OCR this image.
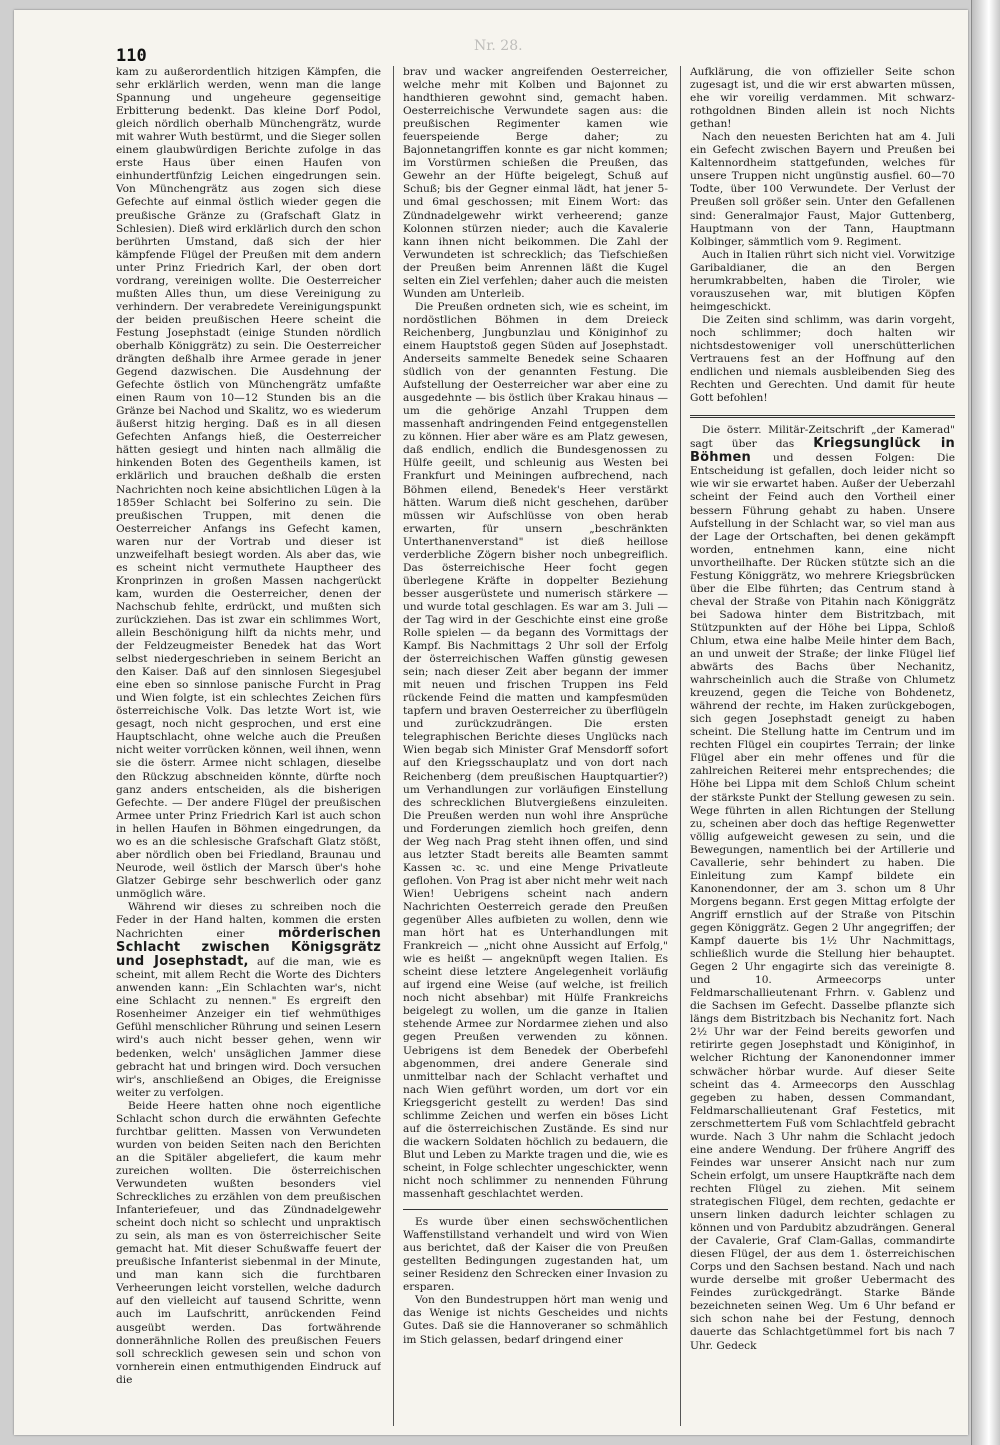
110	Nr. 28.

kam zu außerordentlich hitzigen Kämpfen, die sehr erklärlich werden, wenn man die lange Spannung und ungeheure gegenseitige Erbitterung bedenkt. Das kleine Dorf Podol, gleich nördlich oberhalb Münchengrätz, wurde mit wahrer Wuth bestürmt, und die Sieger sollen einem glaubwürdigen Berichte zufolge in das erste Haus über einen Haufen von einhundertfünfzig Leichen eingedrungen sein. Von Münchengrätz aus zogen sich diese Gefechte auf einmal östlich wieder gegen die preußische Gränze zu (Grafschaft Glatz in Schlesien). Dieß wird erklärlich durch den schon berührten Umstand, daß sich der hier kämpfende Flügel der Preußen mit dem andern unter Prinz Friedrich Karl, der oben dort vordrang, vereinigen wollte. Die Oesterreicher mußten Alles thun, um diese Vereinigung zu verhindern. Der verabredete Vereinigungspunkt der beiden preußischen Heere scheint die Festung Josephstadt (einige Stunden nördlich oberhalb Königgrätz) zu sein. Die Oesterreicher drängten deßhalb ihre Armee gerade in jener Gegend dazwischen. Die Ausdehnung der Gefechte östlich von Münchengrätz umfaßte einen Raum von 10—12 Stunden bis an die Gränze bei Nachod und Skalitz, wo es wiederum äußerst hitzig herging. Daß es in all diesen Gefechten Anfangs hieß, die Oesterreicher hätten gesiegt und hinten nach allmälig die hinkenden Boten des Gegentheils kamen, ist erklärlich und brauchen deßhalb die ersten Nachrichten noch keine absichtlichen Lügen à la 1859er Schlacht bei Solferino zu sein. Die preußischen Truppen, mit denen die Oesterreicher Anfangs ins Gefecht kamen, waren nur der Vortrab und dieser ist unzweifelhaft besiegt worden. Als aber das, wie es scheint nicht vermuthete Hauptheer des Kronprinzen in großen Massen nachgerückt kam, wurden die Oesterreicher, denen der Nachschub fehlte, erdrückt, und mußten sich zurückziehen. Das ist zwar ein schlimmes Wort, allein Beschönigung hilft da nichts mehr, und der Feldzeugmeister Benedek hat das Wort selbst niedergeschrieben in seinem Bericht an den Kaiser. Daß auf den sinnlosen Siegesjubel eine eben so sinnlose panische Furcht in Prag und Wien folgte, ist ein schlechtes Zeichen fürs österreichische Volk. Das letzte Wort ist, wie gesagt, noch nicht gesprochen, und erst eine Hauptschlacht, ohne welche auch die Preußen nicht weiter vorrücken können, weil ihnen, wenn sie die österr. Armee nicht schlagen, dieselbe den Rückzug abschneiden könnte, dürfte noch ganz anders entscheiden, als die bisherigen Gefechte. — Der andere Flügel der preußischen Armee unter Prinz Friedrich Karl ist auch schon in hellen Haufen in Böhmen eingedrungen, da wo es an die schlesische Grafschaft Glatz stößt, aber nördlich oben bei Friedland, Braunau und Neurode, weil östlich der Marsch über's hohe Glatzer Gebirge sehr beschwerlich oder ganz unmöglich wäre.

Während wir dieses zu schreiben noch die Feder in der Hand halten, kommen die ersten Nachrichten einer	mörderischen Schlacht zwischen Königsgrätz und Josephstadt, auf die man, wie es scheint, mit allem Recht die Worte des Dichters anwenden kann: „Ein Schlachten war's, nicht eine Schlacht zu nennen." Es ergreift den Rosenheimer Anzeiger ein tief wehmüthiges Gefühl menschlicher Rührung und seinen Lesern wird's auch nicht besser gehen, wenn wir bedenken, welch' unsäglichen Jammer diese gebracht hat und bringen wird. Doch versuchen wir's, anschließend an Obiges, die Ereignisse weiter zu verfolgen.

Beide Heere hatten ohne noch eigentliche Schlacht schon durch die erwähnten Gefechte furchtbar gelitten. Massen von Verwundeten wurden von beiden Seiten nach den Berichten an die Spitäler abgeliefert, die kaum mehr zureichen wollten. Die österreichischen Verwundeten wußten besonders viel Schreckliches zu erzählen von dem preußischen Infanteriefeuer, und das Zündnadelgewehr scheint doch nicht so schlecht und unpraktisch zu sein, als man es von österreichischer Seite gemacht hat. Mit dieser Schußwaffe feuert der preußische Infanterist siebenmal in der Minute, und man kann sich die furchtbaren Verheerungen leicht vorstellen, welche dadurch auf den vielleicht auf tausend Schritte, wenn auch im Laufschritt, anrückenden Feind ausgeübt werden. Das fortwährende donnerähnliche Rollen des preußischen Feuers soll schrecklich gewesen sein und schon von vornherein einen entmuthigenden Eindruck auf die

brav und wacker angreifenden Oesterreicher, welche mehr mit Kolben und Bajonnet zu handthieren gewohnt sind, gemacht haben. Oesterreichische Verwundete sagen aus: die preußischen Regimenter kamen wie feuerspeiende Berge daher; zu Bajonnetangriffen konnte es gar nicht kommen; im Vorstürmen schießen die Preußen, das Gewehr an der Hüfte beigelegt, Schuß auf Schuß; bis der Gegner einmal lädt, hat jener 5- und 6mal geschossen; mit Einem Wort: das Zündnadelgewehr wirkt verheerend; ganze Kolonnen stürzen nieder; auch die Kavalerie kann ihnen nicht beikommen. Die Zahl der Verwundeten ist schrecklich; das Tiefschießen der Preußen beim Anrennen läßt die Kugel selten ein Ziel verfehlen; daher auch die meisten Wunden am Unterleib.

Die Preußen ordneten sich, wie es scheint, im nordöstlichen Böhmen in dem Dreieck Reichenberg, Jungbunzlau und Königinhof zu einem Hauptstoß gegen Süden auf Josephstadt. Anderseits sammelte Benedek seine Schaaren südlich von der genannten Festung. Die Aufstellung der Oesterreicher war aber eine zu ausgedehnte — bis östlich über Krakau hinaus — um die gehörige Anzahl Truppen dem massenhaft andringenden Feind entgegenstellen zu können. Hier aber wäre es am Platz gewesen, daß endlich, endlich die Bundesgenossen zu Hülfe geeilt, und schleunig aus Westen bei Frankfurt und Meiningen aufbrechend, nach Böhmen eilend, Benedek's Heer verstärkt hätten. Warum dieß nicht geschehen, darüber müssen wir Aufschlüsse von oben herab erwarten, für unsern „beschränkten Unterthanenverstand" ist dieß heillose verderbliche Zögern bisher noch unbegreiflich. Das österreichische Heer focht gegen überlegene Kräfte in doppelter Beziehung besser ausgerüstete und numerisch stärkere — und wurde total geschlagen. Es war am 3. Juli — der Tag wird in der Geschichte einst eine große Rolle spielen — da begann des Vormittags der Kampf. Bis Nachmittags 2 Uhr soll der Erfolg der österreichischen Waffen günstig gewesen sein; nach dieser Zeit aber begann der immer mit neuen und frischen Truppen ins Feld rückende Feind die matten und kampfesmüden tapfern und braven Oesterreicher zu überflügeln und zurückzudrängen. Die ersten telegraphischen Berichte dieses Unglücks nach Wien begab sich Minister Graf Mensdorff sofort auf den Kriegsschauplatz und von dort nach Reichenberg (dem preußischen Hauptquartier?) um Verhandlungen zur vorläufigen Einstellung des schrecklichen Blutvergießens einzuleiten. Die Preußen werden nun wohl ihre Ansprüche und Forderungen ziemlich hoch greifen, denn der Weg nach Prag steht ihnen offen, und sind aus letzter Stadt bereits alle Beamten sammt Kassen ꝛc. ꝛc. und eine Menge Privatleute geflohen. Von Prag ist aber nicht mehr weit nach Wien! Uebrigens scheint nach andern Nachrichten Oesterreich gerade den Preußen gegenüber Alles aufbieten zu wollen, denn wie man hört hat es Unterhandlungen mit Frankreich — „nicht ohne Aussicht auf Erfolg," wie es heißt — angeknüpft wegen Italien. Es scheint diese letztere Angelegenheit vorläufig auf irgend eine Weise (auf welche, ist freilich noch nicht absehbar) mit Hülfe Frankreichs beigelegt zu wollen, um die ganze in Italien stehende Armee zur Nordarmee ziehen und also gegen Preußen verwenden zu können. Uebrigens ist dem Benedek der Oberbefehl abgenommen, drei andere Generale sind unmittelbar nach der Schlacht verhaftet und nach Wien geführt worden, um dort vor ein Kriegsgericht gestellt zu werden! Das sind schlimme Zeichen und werfen ein böses Licht auf die österreichischen Zustände. Es sind nur die wackern Soldaten höchlich zu bedauern, die Blut und Leben zu Markte tragen und die, wie es scheint, in Folge schlechter ungeschickter, wenn nicht noch schlimmer zu nennenden Führung massenhaft geschlachtet werden.

Es wurde über einen sechswöchentlichen Waffenstillstand verhandelt und wird von Wien aus berichtet, daß der Kaiser die von Preußen gestellten Bedingungen zugestanden hat, um seiner Residenz den Schrecken einer Invasion zu ersparen.

Von den Bundestruppen hört man wenig und das Wenige ist nichts Gescheides und nichts Gutes. Daß sie die Hannoveraner so schmählich im Stich gelassen, bedarf dringend einer

Aufklärung, die von offizieller Seite schon zugesagt ist, und die wir erst abwarten müssen, ehe wir voreilig verdammen. Mit schwarz-rothgoldnen Binden allein ist noch Nichts gethan!

Nach den neuesten Berichten hat am 4. Juli ein Gefecht zwischen Bayern und Preußen bei Kaltennordheim stattgefunden, welches für unsere Truppen nicht ungünstig ausfiel. 60—70 Todte, über 100 Verwundete. Der Verlust der Preußen soll größer sein. Unter den Gefallenen sind: Generalmajor Faust, Major Guttenberg, Hauptmann von der Tann, Hauptmann Kolbinger, sämmtlich vom 9. Regiment.

Auch in Italien rührt sich nicht viel. Vorwitzige Garibaldianer, die an den Bergen herumkrabbelten, haben die Tiroler, wie vorauszusehen war, mit blutigen Köpfen heimgeschickt.

Die Zeiten sind schlimm, was darin vorgeht, noch schlimmer; doch halten wir nichtsdestoweniger voll unerschütterlichen Vertrauens fest an der Hoffnung auf den endlichen und niemals ausbleibenden Sieg des Rechten und Gerechten. Und damit für heute Gott befohlen!

Die österr. Militär-Zeitschrift „der Kamerad" sagt über das Kriegsunglück in Böhmen und dessen Folgen: Die Entscheidung ist gefallen, doch leider nicht so wie wir sie erwartet haben. Außer der Ueberzahl scheint der Feind auch den Vortheil einer bessern Führung gehabt zu haben. Unsere Aufstellung in der Schlacht war, so viel man aus der Lage der Ortschaften, bei denen gekämpft worden, entnehmen kann, eine nicht unvortheilhafte. Der Rücken stützte sich an die Festung Königgrätz, wo mehrere Kriegsbrücken über die Elbe führten; das Centrum stand à cheval der Straße von Pitahin nach Königgrätz bei Sadowa hinter dem Bistritzbach, mit Stützpunkten auf der Höhe bei Lippa, Schloß Chlum, etwa eine halbe Meile hinter dem Bach, an und unweit der Straße; der linke Flügel lief abwärts des Bachs über Nechanitz, wahrscheinlich auch die Straße von Chlumetz kreuzend, gegen die Teiche von Bohdenetz, während der rechte, im Haken zurückgebogen, sich gegen Josephstadt geneigt zu haben scheint. Die Stellung hatte im Centrum und im rechten Flügel ein coupirtes Terrain; der linke Flügel aber ein mehr offenes und für die zahlreichen Reiterei mehr entsprechendes; die Höhe bei Lippa mit dem Schloß Chlum scheint der stärkste Punkt der Stellung gewesen zu sein. Wege führten in allen Richtungen der Stellung zu, scheinen aber doch das heftige Regenwetter völlig aufgeweicht gewesen zu sein, und die Bewegungen, namentlich bei der Artillerie und Cavallerie, sehr behindert zu haben. Die Einleitung zum Kampf bildete ein Kanonendonner, der am 3. schon um 8 Uhr Morgens begann. Erst gegen Mittag erfolgte der Angriff ernstlich auf der Straße von Pitschin gegen Königgrätz. Gegen 2 Uhr angegriffen; der Kampf dauerte bis 1½ Uhr Nachmittags, schließlich wurde die Stellung hier behauptet. Gegen 2 Uhr engagirte sich das vereinigte 8. und 10. Armeecorps unter Feldmarschallieutenant Frhrn. v. Gablenz und die Sachsen im Gefecht. Dasselbe pflanzte sich längs dem Bistritzbach bis Nechanitz fort. Nach 2½ Uhr war der Feind bereits geworfen und retirirte gegen Josephstadt und Königinhof, in welcher Richtung der Kanonendonner immer schwächer hörbar wurde. Auf dieser Seite scheint das 4. Armeecorps den Ausschlag gegeben zu haben, dessen Commandant, Feldmarschallieutenant Graf Festetics, mit zerschmettertem Fuß vom Schlachtfeld gebracht wurde. Nach 3 Uhr nahm die Schlacht jedoch eine andere Wendung. Der frühere Angriff des Feindes war unserer Ansicht nach nur zum Schein erfolgt, um unsere Hauptkräfte nach dem rechten Flügel zu ziehen. Mit seinem strategischen Flügel, dem rechten, gedachte er unsern linken dadurch leichter schlagen zu können und von Pardubitz abzudrängen. General der Cavalerie, Graf Clam-Gallas, commandirte diesen Flügel, der aus dem 1. österreichischen Corps und den Sachsen bestand. Nach und nach wurde derselbe mit großer Uebermacht des Feindes zurückgedrängt. Starke Bände bezeichneten seinen Weg. Um 6 Uhr befand er sich schon nahe bei der Festung, dennoch dauerte das Schlachtgetümmel fort bis nach 7 Uhr. Gedeck
